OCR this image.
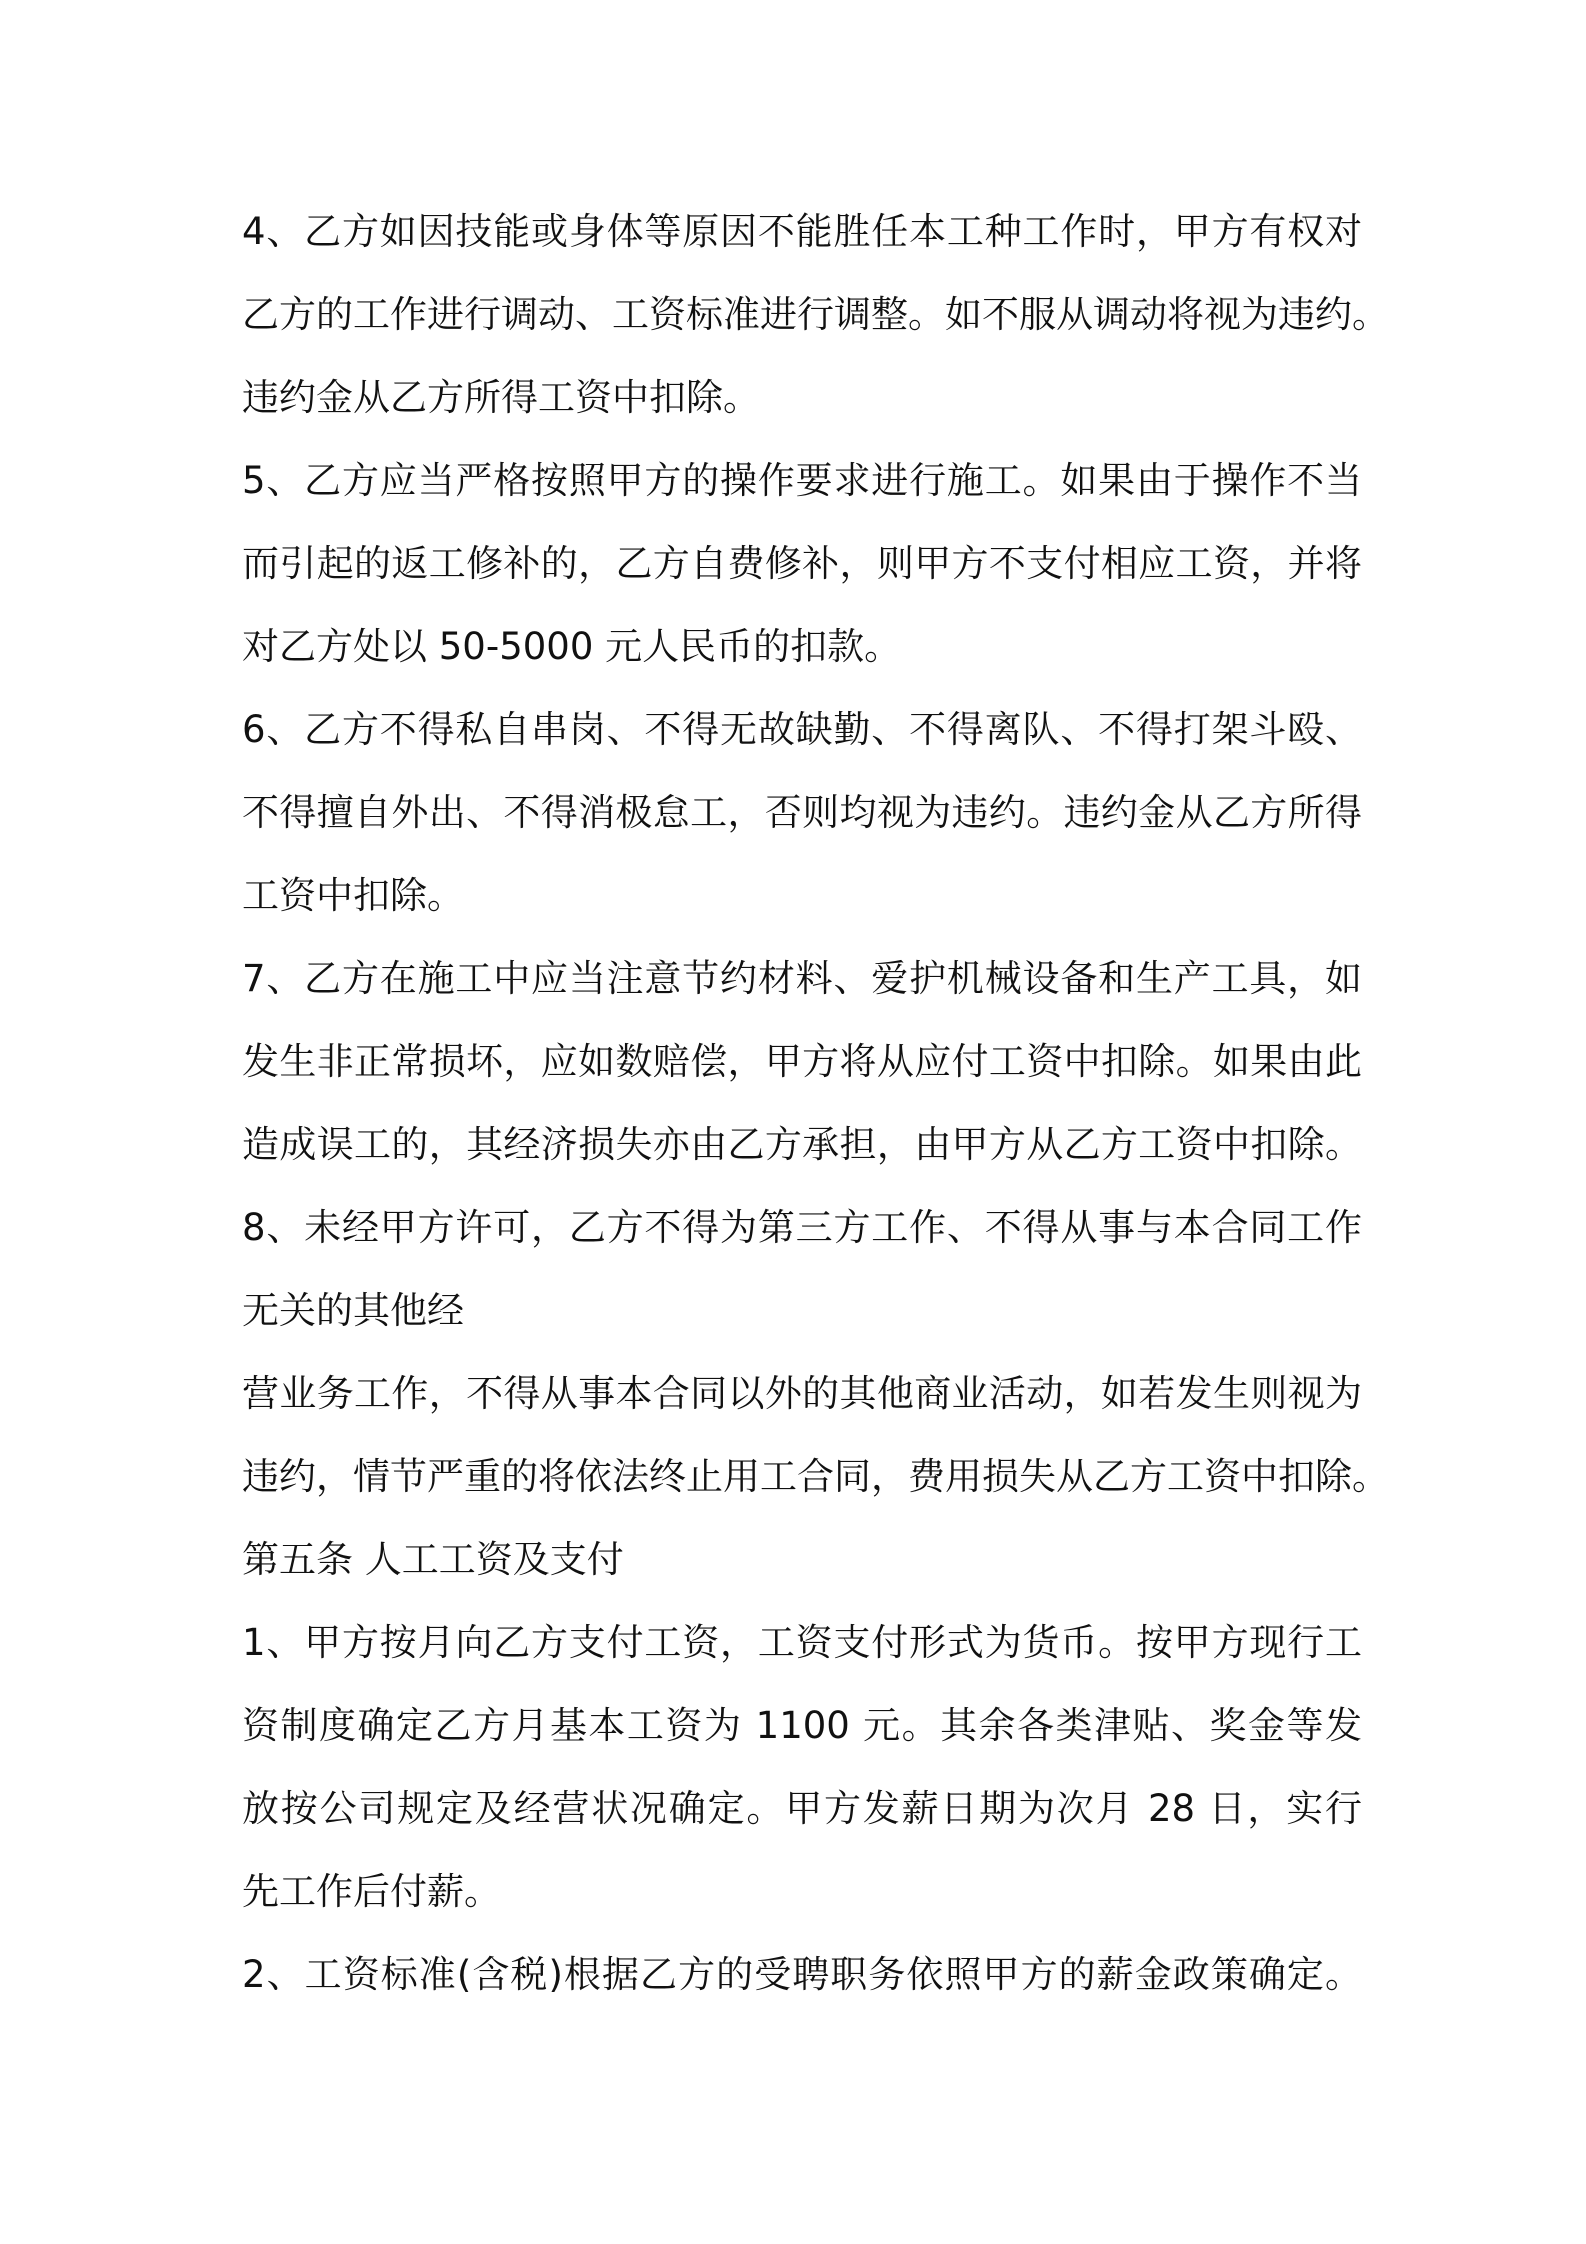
4、乙方如因技能或身体等原因不能胜任本工种工作时，甲方有权对
乙方的工作进行调动、工资标准进行调整。如不服从调动将视为违约。
违约金从乙方所得工资中扣除。
5、乙方应当严格按照甲方的操作要求进行施工。如果由于操作不当
而引起的返工修补的，乙方自费修补，则甲方不支付相应工资，并将
对乙方处以 50-5000 元人民币的扣款。
6、乙方不得私自串岗、不得无故缺勤、不得离队、不得打架斗殴、
不得擅自外出、不得消极怠工，否则均视为违约。违约金从乙方所得
工资中扣除。
7、乙方在施工中应当注意节约材料、爱护机械设备和生产工具，如
发生非正常损坏，应如数赔偿，甲方将从应付工资中扣除。如果由此
造成误工的，其经济损失亦由乙方承担，由甲方从乙方工资中扣除。
8、未经甲方许可，乙方不得为第三方工作、不得从事与本合同工作
无关的其他经
营业务工作，不得从事本合同以外的其他商业活动，如若发生则视为
违约，情节严重的将依法终止用工合同，费用损失从乙方工资中扣除。
第五条 人工工资及支付
1、甲方按月向乙方支付工资，工资支付形式为货币。按甲方现行工
资制度确定乙方月基本工资为 1100 元。其余各类津贴、奖金等发
放按公司规定及经营状况确定。甲方发薪日期为次月 28 日，实行
先工作后付薪。
2、工资标准(含税)根据乙方的受聘职务依照甲方的薪金政策确定。
